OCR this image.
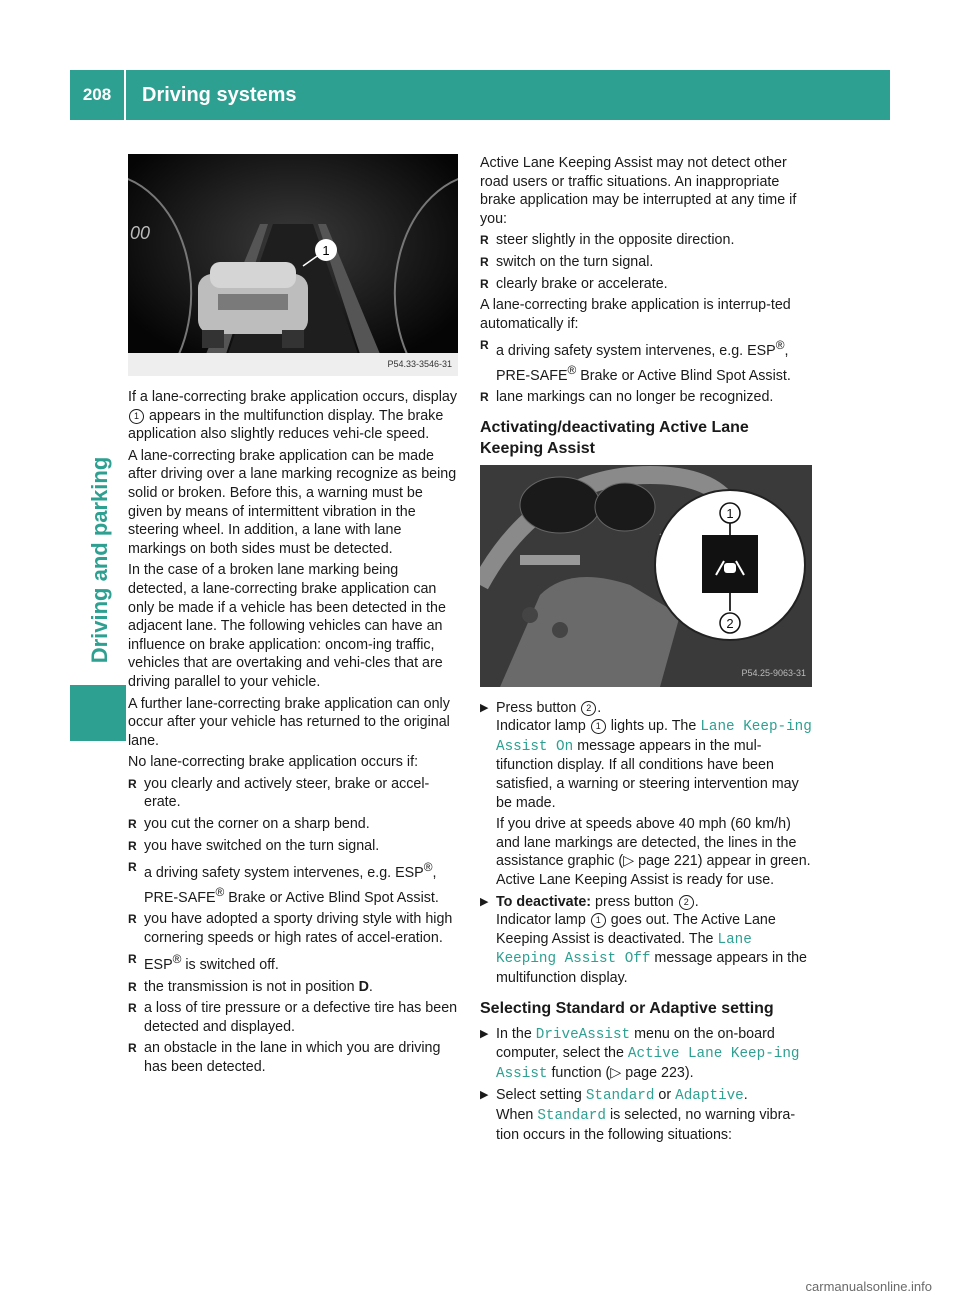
208	Driving systems
Driving and parking
00
1
P54.33-3546-31

If a lane-correcting brake application occurs, display 1 appears in the multifunction display. The brake application also slightly reduces vehi-cle speed.

A lane-correcting brake application can be made after driving over a lane marking recognize as being solid or broken. Before this, a warning must be given by means of intermittent vibration in the steering wheel. In addition, a lane with lane markings on both sides must be detected.

In the case of a broken lane marking being detected, a lane-correcting brake application can only be made if a vehicle has been detected in the adjacent lane. The following vehicles can have an influence on brake application: oncom-ing traffic, vehicles that are overtaking and vehi-cles that are driving parallel to your vehicle.

A further lane-correcting brake application can only occur after your vehicle has returned to the original lane.

No lane-correcting brake application occurs if:

R you clearly and actively steer, brake or accel-erate.
R you cut the corner on a sharp bend.
R you have switched on the turn signal.
R a driving safety system intervenes, e.g. ESP®, PRE-SAFE® Brake or Active Blind Spot Assist.
R you have adopted a sporty driving style with high cornering speeds or high rates of accel-eration.
R ESP® is switched off.
R the transmission is not in position D.
R a loss of tire pressure or a defective tire has been detected and displayed.
R an obstacle in the lane in which you are driving has been detected.

Active Lane Keeping Assist may not detect other road users or traffic situations. An inappropriate brake application may be interrupted at any time if you:

R steer slightly in the opposite direction.
R switch on the turn signal.
R clearly brake or accelerate.

A lane-correcting brake application is interrup-ted automatically if:

R a driving safety system intervenes, e.g. ESP®, PRE-SAFE® Brake or Active Blind Spot Assist.
R lane markings can no longer be recognized.
Activating/deactivating Active Lane Keeping Assist
1
2
P54.25-9063-31
▶ Press button 2 .
Indicator lamp 1 lights up. The Lane Keep‐ing Assist On message appears in the mul-tifunction display. If all conditions have been satisfied, a warning or steering intervention may be made.
If you drive at speeds above 40 mph (60 km/h) and lane markings are detected, the lines in the assistance graphic (▷ page 221) appear in green. Active Lane Keeping Assist is ready for use.
▶ To deactivate: press button 2 .
Indicator lamp 1 goes out. The Active Lane Keeping Assist is deactivated. The Lane Keeping Assist Off message appears in the multifunction display.
Selecting Standard or Adaptive setting
▶ In the DriveAssist menu on the on-board computer, select the Active Lane Keep‐ing Assist function (▷ page 223).
▶ Select setting Standard or Adaptive.
When Standard is selected, no warning vibra-tion occurs in the following situations:
carmanualsonline.info
